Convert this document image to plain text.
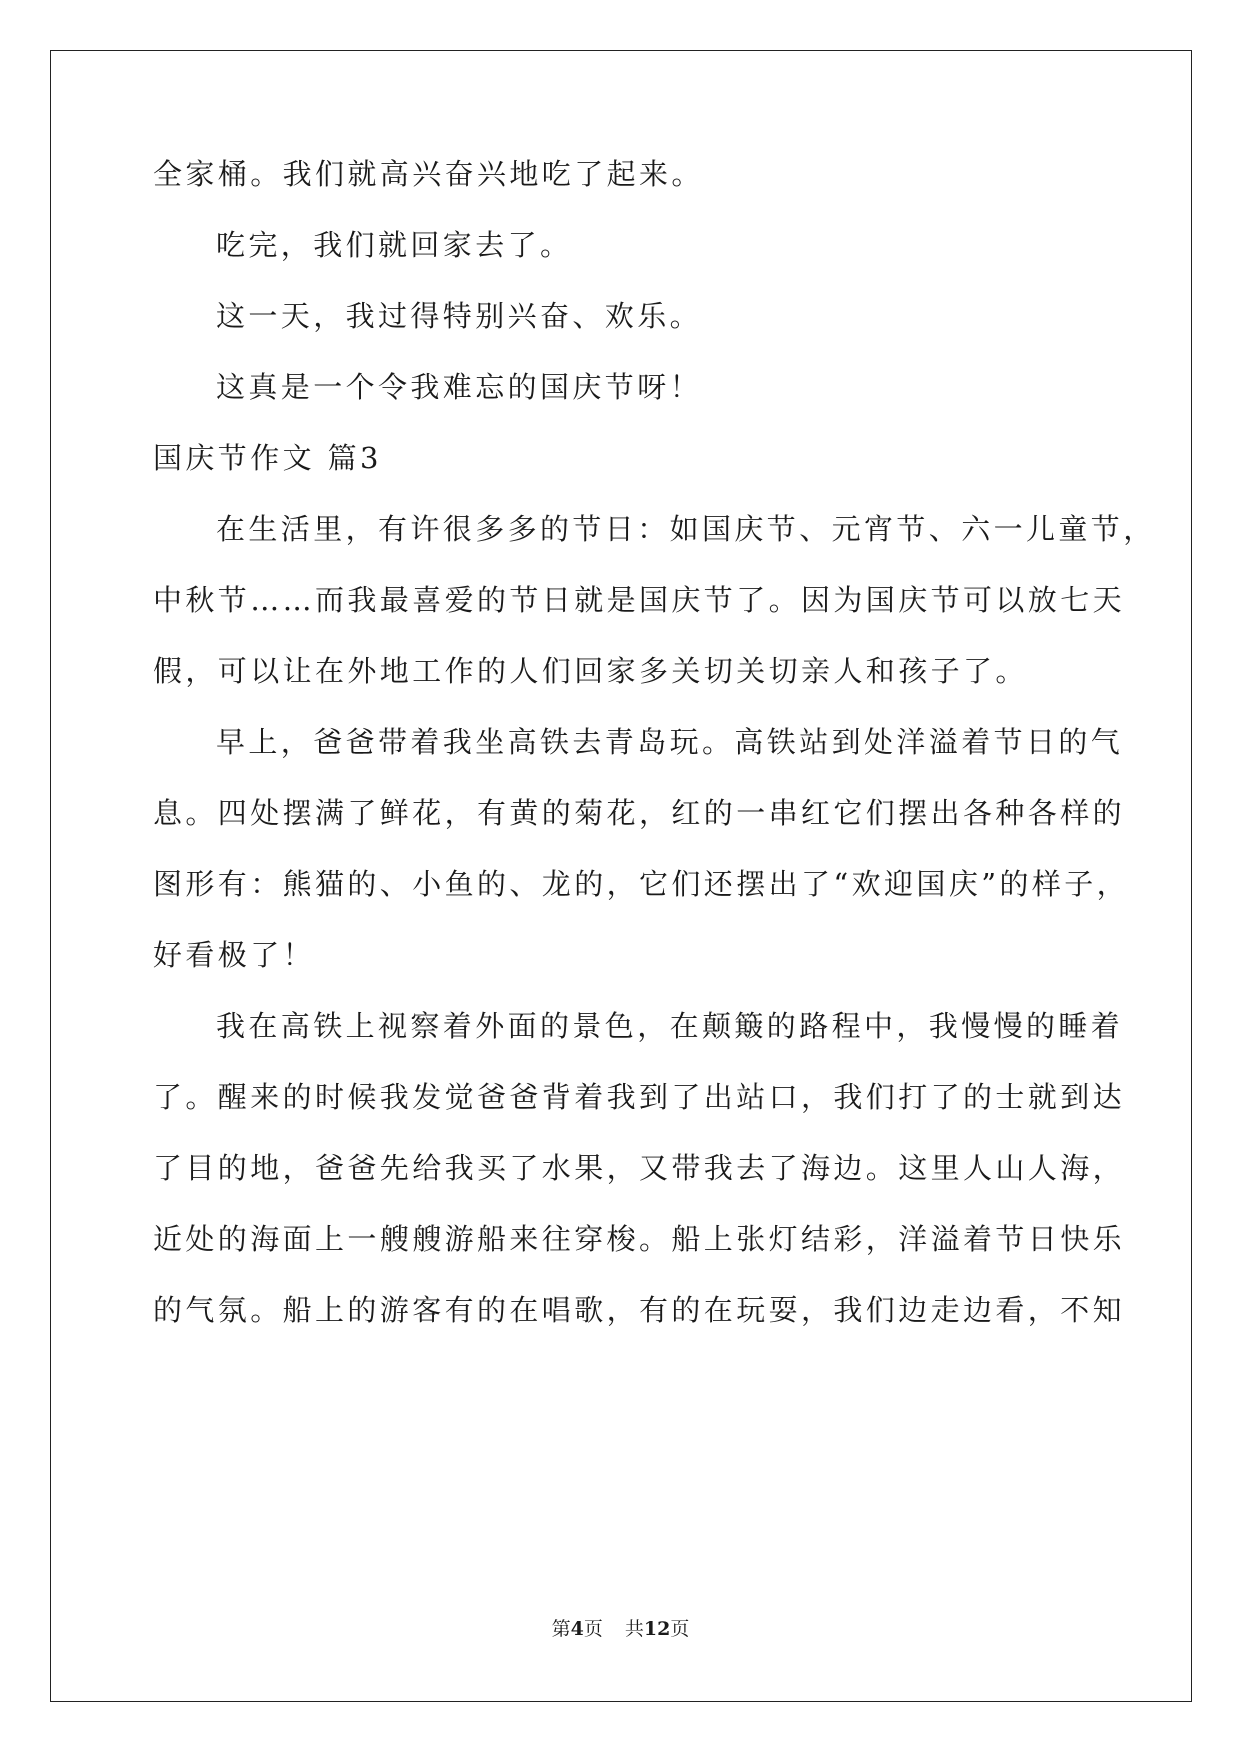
全家桶。我们就高兴奋兴地吃了起来。

吃完，我们就回家去了。

这一天，我过得特别兴奋、欢乐。

这真是一个令我难忘的国庆节呀！

国庆节作文 篇3

在生活里，有许很多多的节日：如国庆节、元宵节、六一儿童节，

中秋节……而我最喜爱的节日就是国庆节了。因为国庆节可以放七天

假，可以让在外地工作的人们回家多关切关切亲人和孩子了。

早上，爸爸带着我坐高铁去青岛玩。高铁站到处洋溢着节日的气

息。四处摆满了鲜花，有黄的菊花，红的一串红它们摆出各种各样的

图形有：熊猫的、小鱼的、龙的，它们还摆出了“欢迎国庆”的样子，

好看极了！

我在高铁上视察着外面的景色，在颠簸的路程中，我慢慢的睡着

了。醒来的时候我发觉爸爸背着我到了出站口，我们打了的士就到达

了目的地，爸爸先给我买了水果，又带我去了海边。这里人山人海，

近处的海面上一艘艘游船来往穿梭。船上张灯结彩，洋溢着节日快乐

的气氛。船上的游客有的在唱歌，有的在玩耍，我们边走边看，不知

第4页 共12页
